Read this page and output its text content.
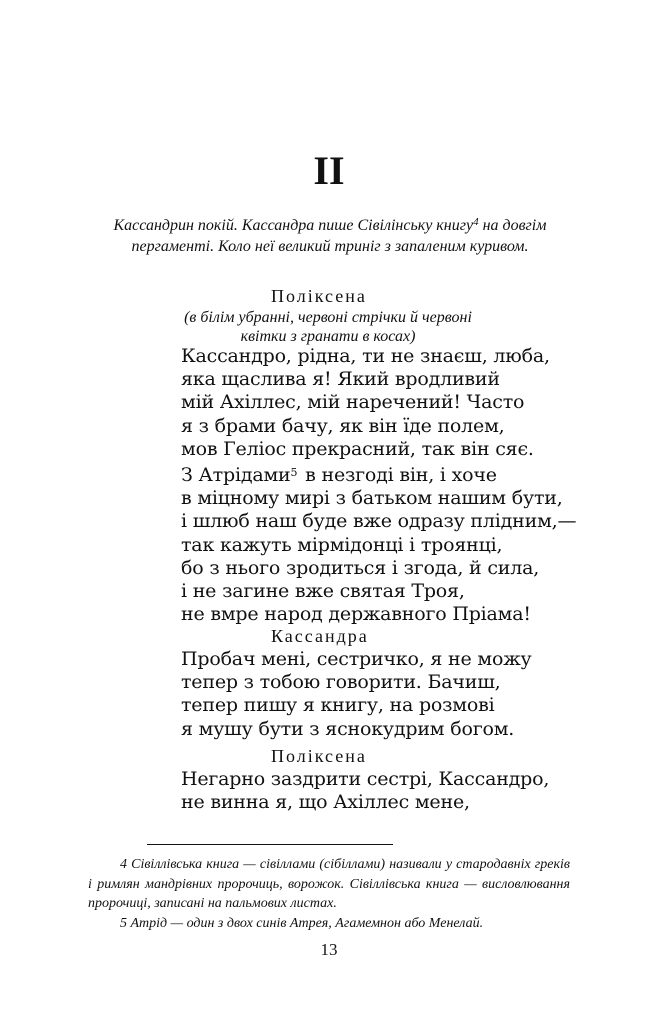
II
Кассандрин покій. Кассандра пише Сівілінську книгу$^4$ на довгім пергаменті. Коло неї великий триніг з запаленим куривом.
Поліксена
(в білім убранні, червоні стрічки й червоні квітки з гранати в косах)
Кассандро, рідна, ти не знаєш, люба,
яка щаслива я! Який вродливий
мій Ахіллес, мій наречений! Часто
я з брами бачу, як він їде полем,
мов Геліос прекрасний, так він сяє.
З Атрідами$^5$ в незгоді він, і хоче
в мiцному мирі з батьком нашим бути,
і шлюб наш буде вже одразу плідним,—
так кажуть мірмідонці і троянці,
бо з нього зродиться і згода, й сила,
і не загине вже святая Троя,
не вмре народ державного Пріама!
Кассандра
Пробач мені, сестричко, я не можу
тепер з тобою говорити. Бачиш,
тепер пишу я книгу, на розмові
я мушу бути з яснокудрим богом.
Поліксена
Негарно заздрити сестрі, Кассандро,
не винна я, що Ахіллес мене,

4 Сівіллівська книга — сівіллами (сібіллами) називали у стародавніх греків і римлян мандрівних пророчиць, ворожок. Сівіллівська книга — висловлювання пророчиці, записані на пальмових листах.

5 Атрід — один з двох синів Атрея, Агамемнон або Менелай.

13
